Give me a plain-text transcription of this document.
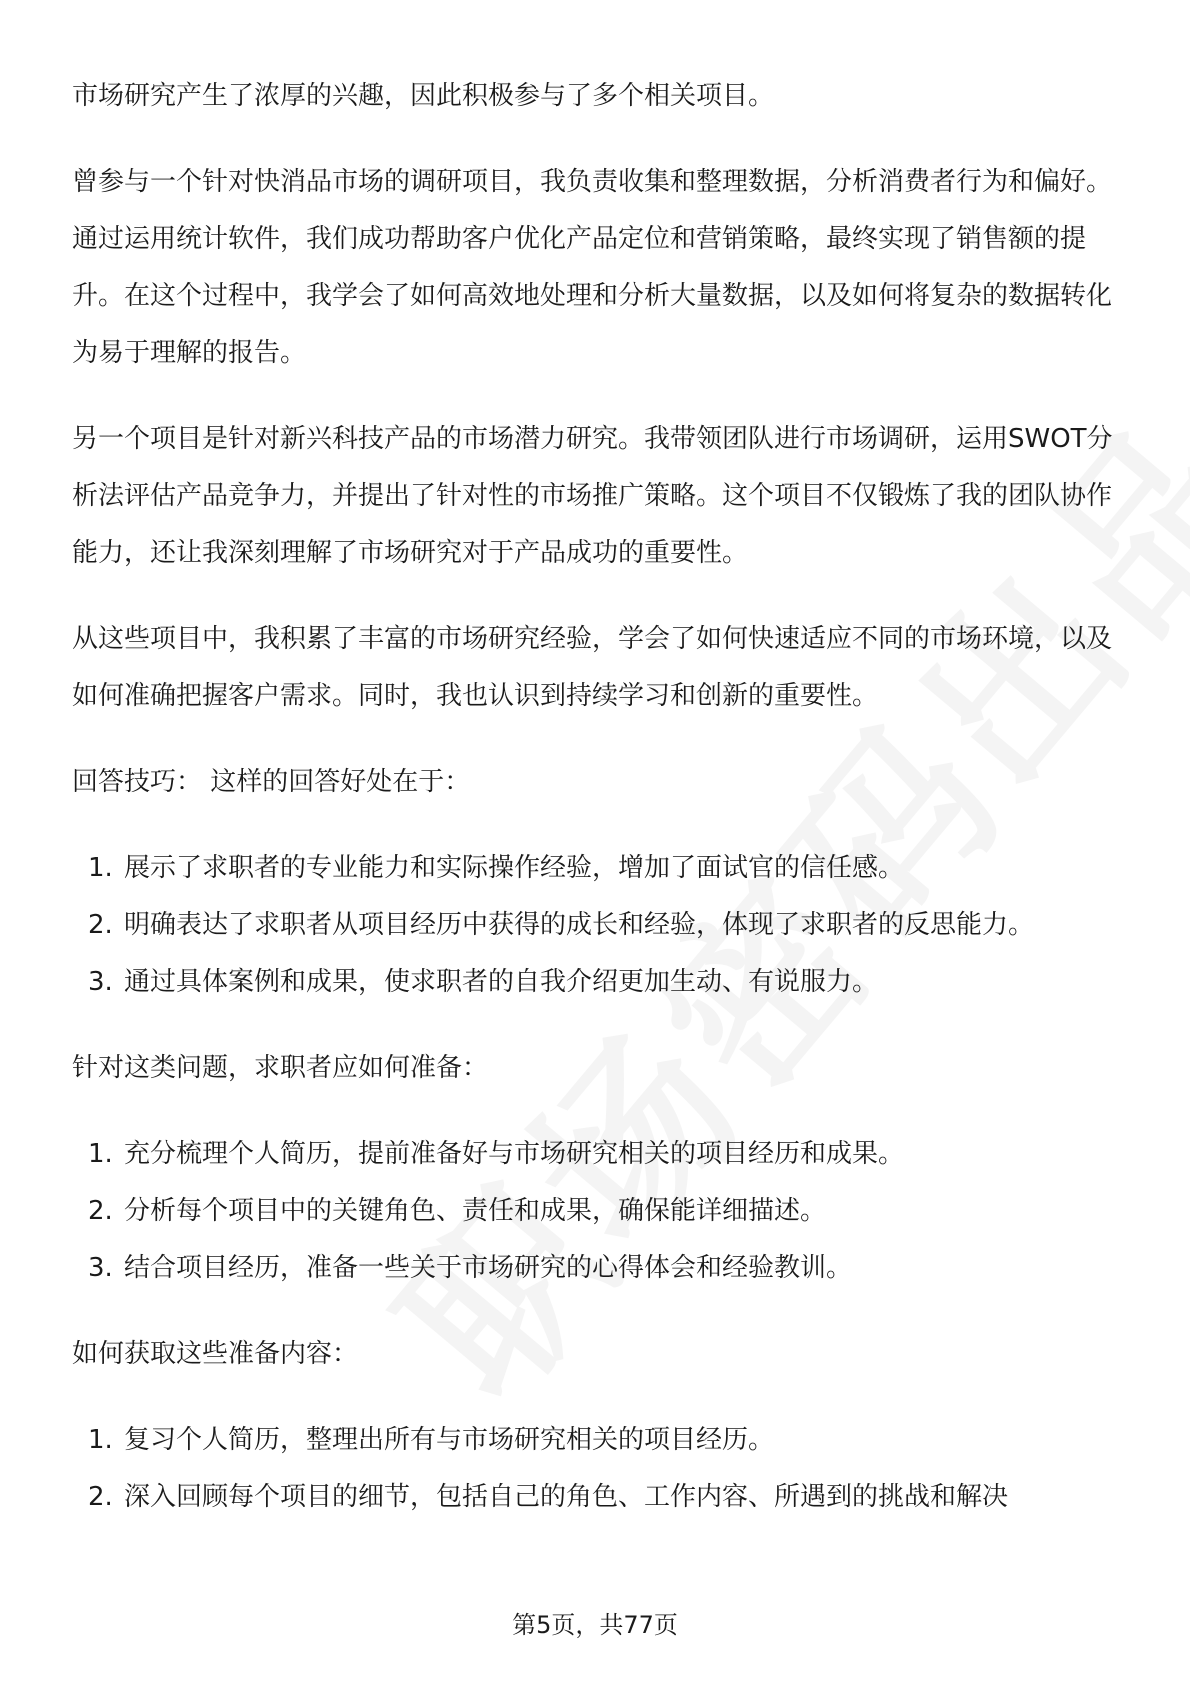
市场研究产生了浓厚的兴趣，因此积极参与了多个相关项目。

曾参与一个针对快消品市场的调研项目，我负责收集和整理数据，分析消费者行为和偏好。通过运用统计软件，我们成功帮助客户优化产品定位和营销策略，最终实现了销售额的提升。在这个过程中，我学会了如何高效地处理和分析大量数据，以及如何将复杂的数据转化为易于理解的报告。

另一个项目是针对新兴科技产品的市场潜力研究。我带领团队进行市场调研，运用SWOT分析法评估产品竞争力，并提出了针对性的市场推广策略。这个项目不仅锻炼了我的团队协作能力，还让我深刻理解了市场研究对于产品成功的重要性。

从这些项目中，我积累了丰富的市场研究经验，学会了如何快速适应不同的市场环境，以及如何准确把握客户需求。同时，我也认识到持续学习和创新的重要性。

回答技巧： 这样的回答好处在于：

1. 展示了求职者的专业能力和实际操作经验，增加了面试官的信任感。
2. 明确表达了求职者从项目经历中获得的成长和经验，体现了求职者的反思能力。
3. 通过具体案例和成果，使求职者的自我介绍更加生动、有说服力。

针对这类问题，求职者应如何准备：

1. 充分梳理个人简历，提前准备好与市场研究相关的项目经历和成果。
2. 分析每个项目中的关键角色、责任和成果，确保能详细描述。
3. 结合项目经历，准备一些关于市场研究的心得体会和经验教训。

如何获取这些准备内容：

1. 复习个人简历，整理出所有与市场研究相关的项目经历。
2. 深入回顾每个项目的细节，包括自己的角色、工作内容、所遇到的挑战和解决
第5页，共77页
